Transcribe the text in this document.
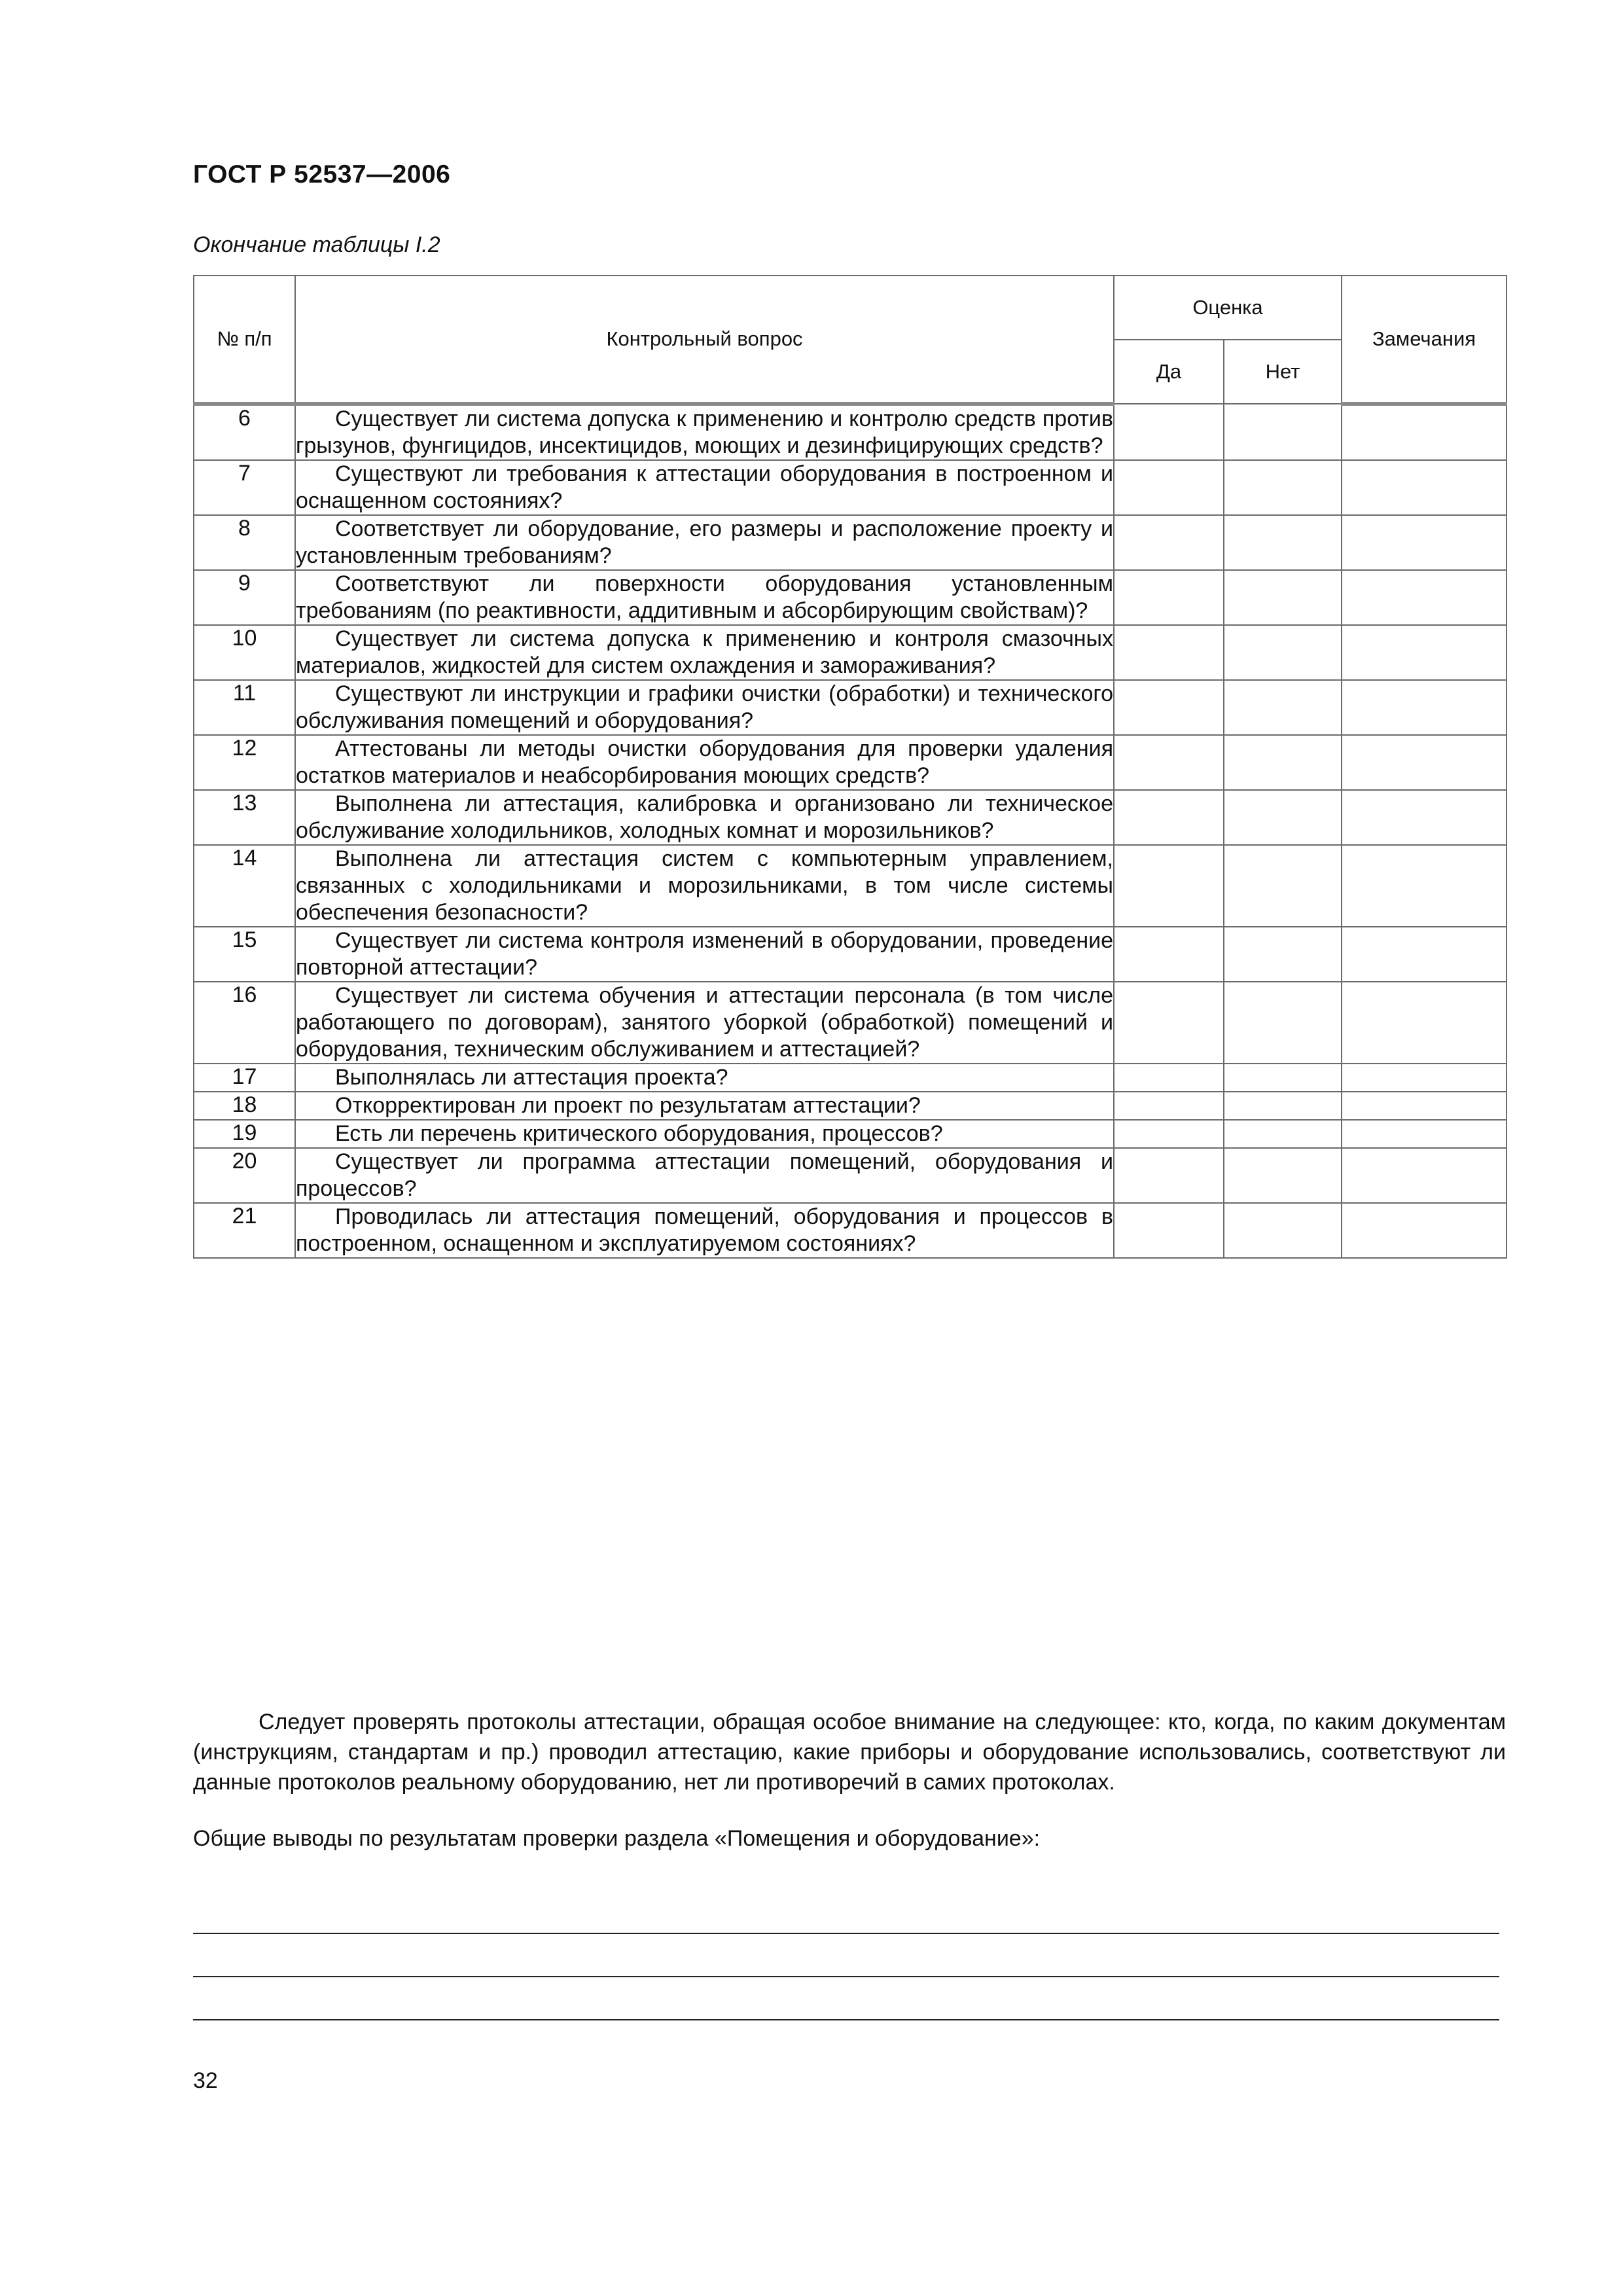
ГОСТ Р 52537—2006
Окончание таблицы I.2
№ п/п	Контрольный вопрос	Оценка		Замечания
		Да	Нет	
6	Существует ли система допуска к применению и контролю средств против грызунов, фунгицидов, инсектицидов, моющих и дезинфицирующих средств?			
7	Существуют ли требования к аттестации оборудования в построенном и оснащенном состояниях?			
8	Соответствует ли оборудование, его размеры и расположение проекту и установленным требованиям?			
9	Соответствуют ли поверхности оборудования установленным требованиям (по реактивности, аддитивным и абсорбирующим свойствам)?			
10	Существует ли система допуска к применению и контроля смазочных материалов, жидкостей для систем охлаждения и замораживания?			
11	Существуют ли инструкции и графики очистки (обработки) и технического обслуживания помещений и оборудования?			
12	Аттестованы ли методы очистки оборудования для проверки удаления остатков материалов и неабсорбирования моющих средств?			
13	Выполнена ли аттестация, калибровка и организовано ли техническое обслуживание холодильников, холодных комнат и морозильников?			
14	Выполнена ли аттестация систем с компьютерным управлением, связанных с холодильниками и морозильниками, в том числе системы обеспечения безопасности?			
15	Существует ли система контроля изменений в оборудовании, проведение повторной аттестации?			
16	Существует ли система обучения и аттестации персонала (в том числе работающего по договорам), занятого уборкой (обработкой) помещений и оборудования, техническим обслуживанием и аттестацией?			
17	Выполнялась ли аттестация проекта?			
18	Откорректирован ли проект по результатам аттестации?			
19	Есть ли перечень критического оборудования, процессов?			
20	Существует ли программа аттестации помещений, оборудования и процессов?			
21	Проводилась ли аттестация помещений, оборудования и процессов в построенном, оснащенном и эксплуатируемом состояниях?			

Следует проверять протоколы аттестации, обращая особое внимание на следующее: кто, когда, по каким документам (инструкциям, стандартам и пр.) проводил аттестацию, какие приборы и оборудование использовались, соответствуют ли данные протоколов реальному оборудованию, нет ли противоречий в самих протоколах.

Общие выводы по результатам проверки раздела «Помещения и оборудование»:
32
